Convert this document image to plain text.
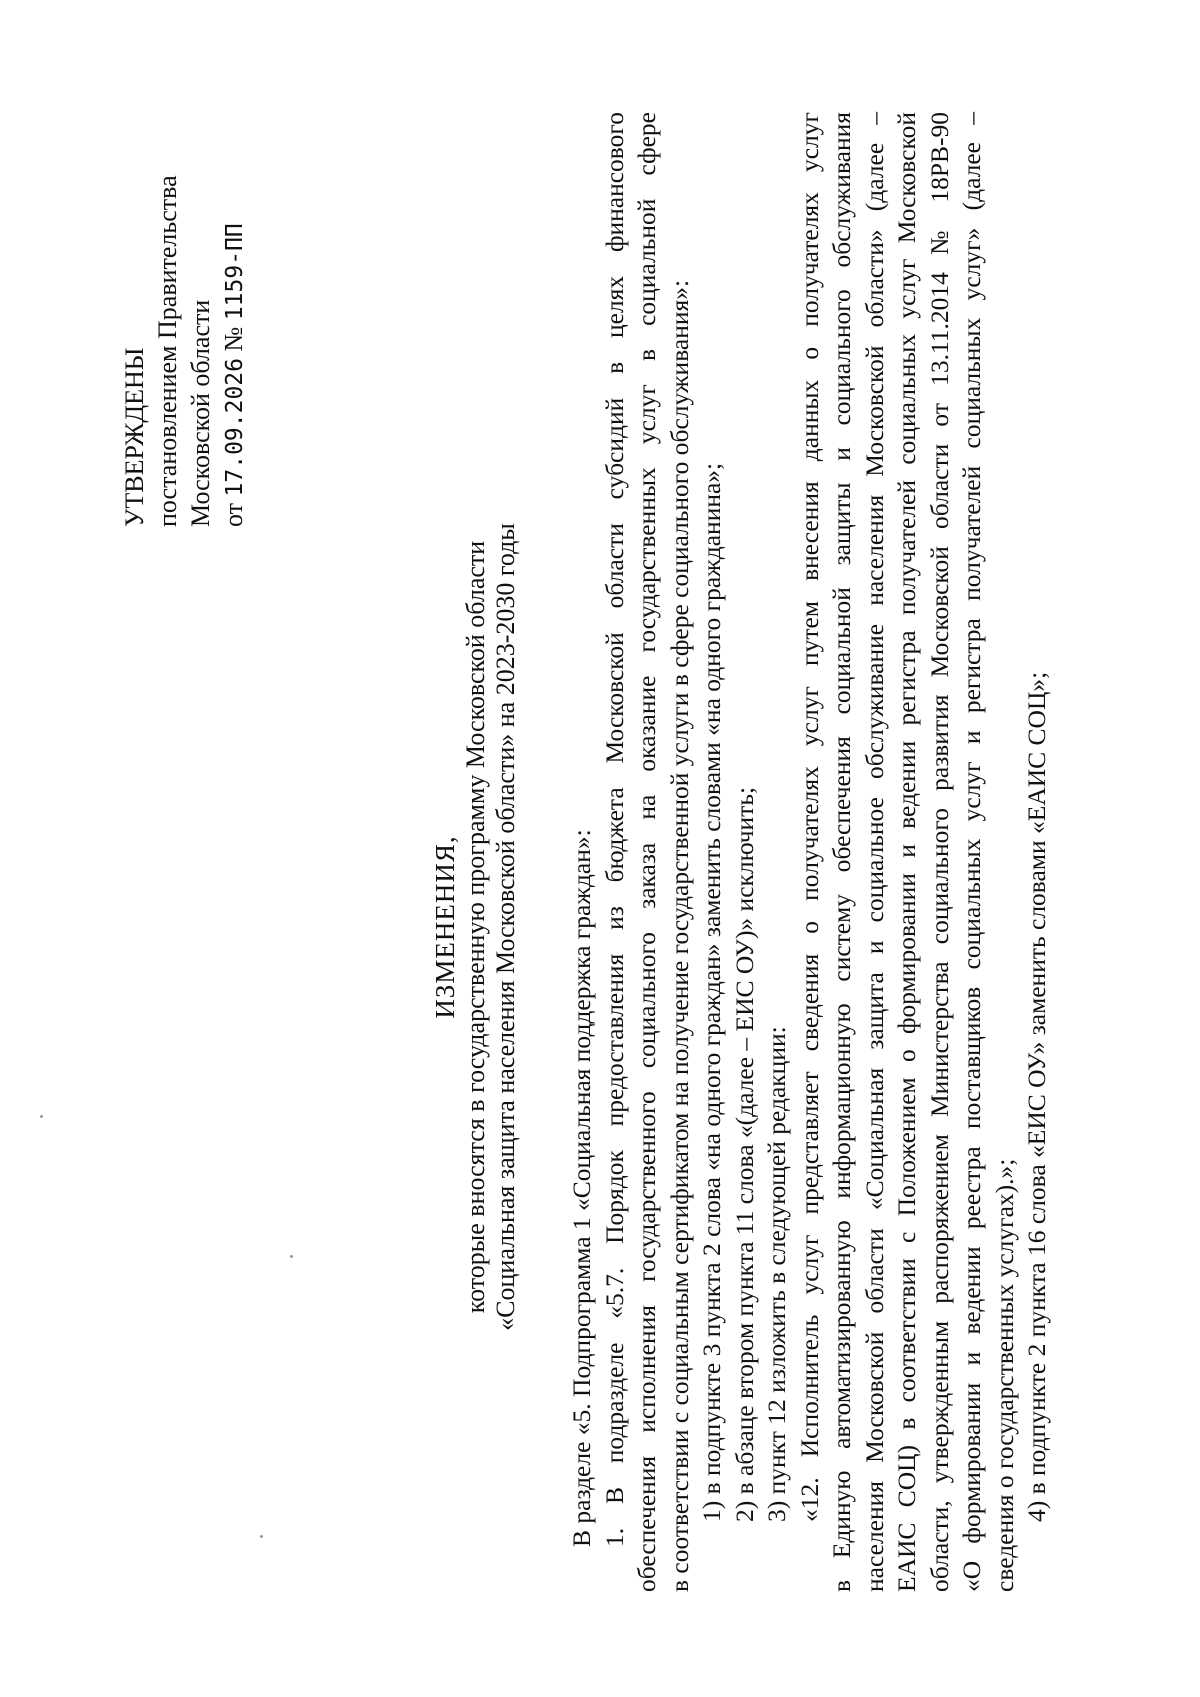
УТВЕРЖДЕНЫ постановлением Правительства Московской области от 17.09.2026 № 1159-ПП
ИЗМЕНЕНИЯ, которые вносятся в государственную программу Московской области «Социальная защита населения Московской области» на 2023-2030 годы В разделе «5. Подпрограмма 1 «Социальная поддержка граждан»: 1. В подразделе «5.7. Порядок предоставления из бюджета Московской области субсидий в целях финансового обеспечения исполнения государственного социального заказа на оказание государственных услуг в социальной сфере в соответствии с социальным сертификатом на получение государственной услуги в сфере социального обслуживания»: 1) в подпункте 3 пункта 2 слова «на одного граждан» заменить словами «на одного гражданина»; 2) в абзаце втором пункта 11 слова «(далее – ЕИС ОУ)» исключить; 3) пункт 12 изложить в следующей редакции: «12. Исполнитель услуг представляет сведения о получателях услуг путем внесения данных о получателях услуг в Единую автоматизированную информационную систему обеспечения социальной защиты и социального обслуживания населения Московской области «Социальная защита и социальное обслуживание населения Московской области» (далее – ЕАИС СОЦ) в соответствии с Положением о формировании и ведении регистра получателей социальных услуг Московской области, утвержденным распоряжением Министерства социального развития Московской области от 13.11.2014 № 18РВ-90 «О формировании и ведении реестра поставщиков социальных услуг и регистра получателей социальных услуг» (далее – сведения о государственных услугах).»; 4) в подпункте 2 пункта 16 слова «ЕИС ОУ» заменить словами «ЕАИС СОЦ»;
